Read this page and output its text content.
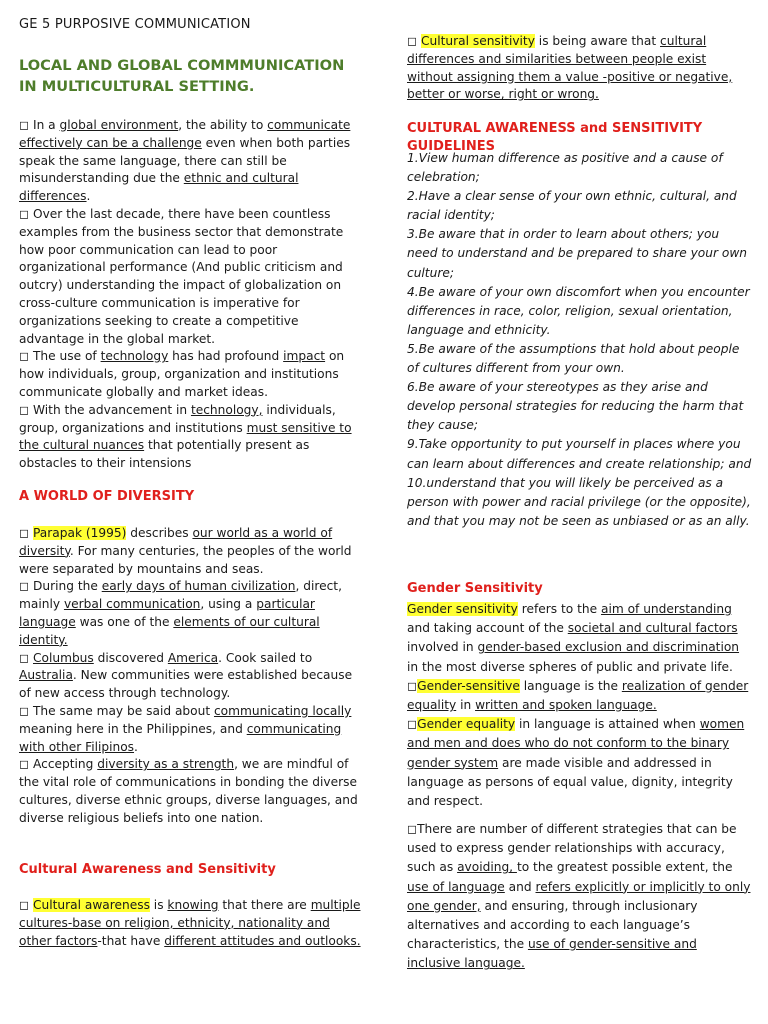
GE 5 PURPOSIVE COMMUNICATION
LOCAL AND GLOBAL COMMMUNICATION IN MULTICULTURAL SETTING.

◻ In a global environment, the ability to communicate effectively can be a challenge even when both parties speak the same language, there can still be misunderstanding due the ethnic and cultural differences.

◻ Over the last decade, there have been countless examples from the business sector that demonstrate how poor communication can lead to poor organizational performance (And public criticism and outcry) understanding the impact of globalization on cross-culture communication is imperative for organizations seeking to create a competitive advantage in the global market.

◻ The use of technology has had profound impact on how individuals, group, organization and institutions communicate globally and market ideas.

◻ With the advancement in technology, individuals, group, organizations and institutions must sensitive to the cultural nuances that potentially present as obstacles to their intensions

A WORLD OF DIVERSITY

◻ Parapak (1995) describes our world as a world of diversity. For many centuries, the peoples of the world were separated by mountains and seas.

◻ During the early days of human civilization, direct, mainly verbal communication, using a particular language was one of the elements of our cultural identity.

◻ Columbus discovered America. Cook sailed to Australia. New communities were established because of new access through technology.

◻ The same may be said about communicating locally meaning here in the Philippines, and communicating with other Filipinos.

◻ Accepting diversity as a strength, we are mindful of the vital role of communications in bonding the diverse cultures, diverse ethnic groups, diverse languages, and diverse religious beliefs into one nation.

Cultural Awareness and Sensitivity

◻ Cultural awareness is knowing that there are multiple cultures-base on religion, ethnicity, nationality and other factors-that have different attitudes and outlooks.

◻ Cultural sensitivity is being aware that cultural differences and similarities between people exist without assigning them a value -positive or negative, better or worse, right or wrong.

CULTURAL AWARENESS and SENSITIVITY GUIDELINES

1.View human difference as positive and a cause of celebration;

2.Have a clear sense of your own ethnic, cultural, and racial identity;

3.Be aware that in order to learn about others; you need to understand and be prepared to share your own culture;

4.Be aware of your own discomfort when you encounter differences in race, color, religion, sexual orientation, language and ethnicity.

5.Be aware of the assumptions that hold about people of cultures different from your own.

6.Be aware of your stereotypes as they arise and develop personal strategies for reducing the harm that they cause;

9.Take opportunity to put yourself in places where you can learn about differences and create relationship; and

10.understand that you will likely be perceived as a person with power and racial privilege (or the opposite), and that you may not be seen as unbiased or as an ally.

Gender Sensitivity

Gender sensitivity refers to the aim of understanding and taking account of the societal and cultural factors involved in gender-based exclusion and discrimination in the most diverse spheres of public and private life.

◻Gender-sensitive language is the realization of gender equality in written and spoken language.

◻Gender equality in language is attained when women and men and does who do not conform to the binary gender system are made visible and addressed in language as persons of equal value, dignity, integrity and respect.

◻There are number of different strategies that can be used to express gender relationships with accuracy, such as avoiding, to the greatest possible extent, the use of language and refers explicitly or implicitly to only one gender, and ensuring, through inclusionary alternatives and according to each language’s characteristics, the use of gender-sensitive and inclusive language.
